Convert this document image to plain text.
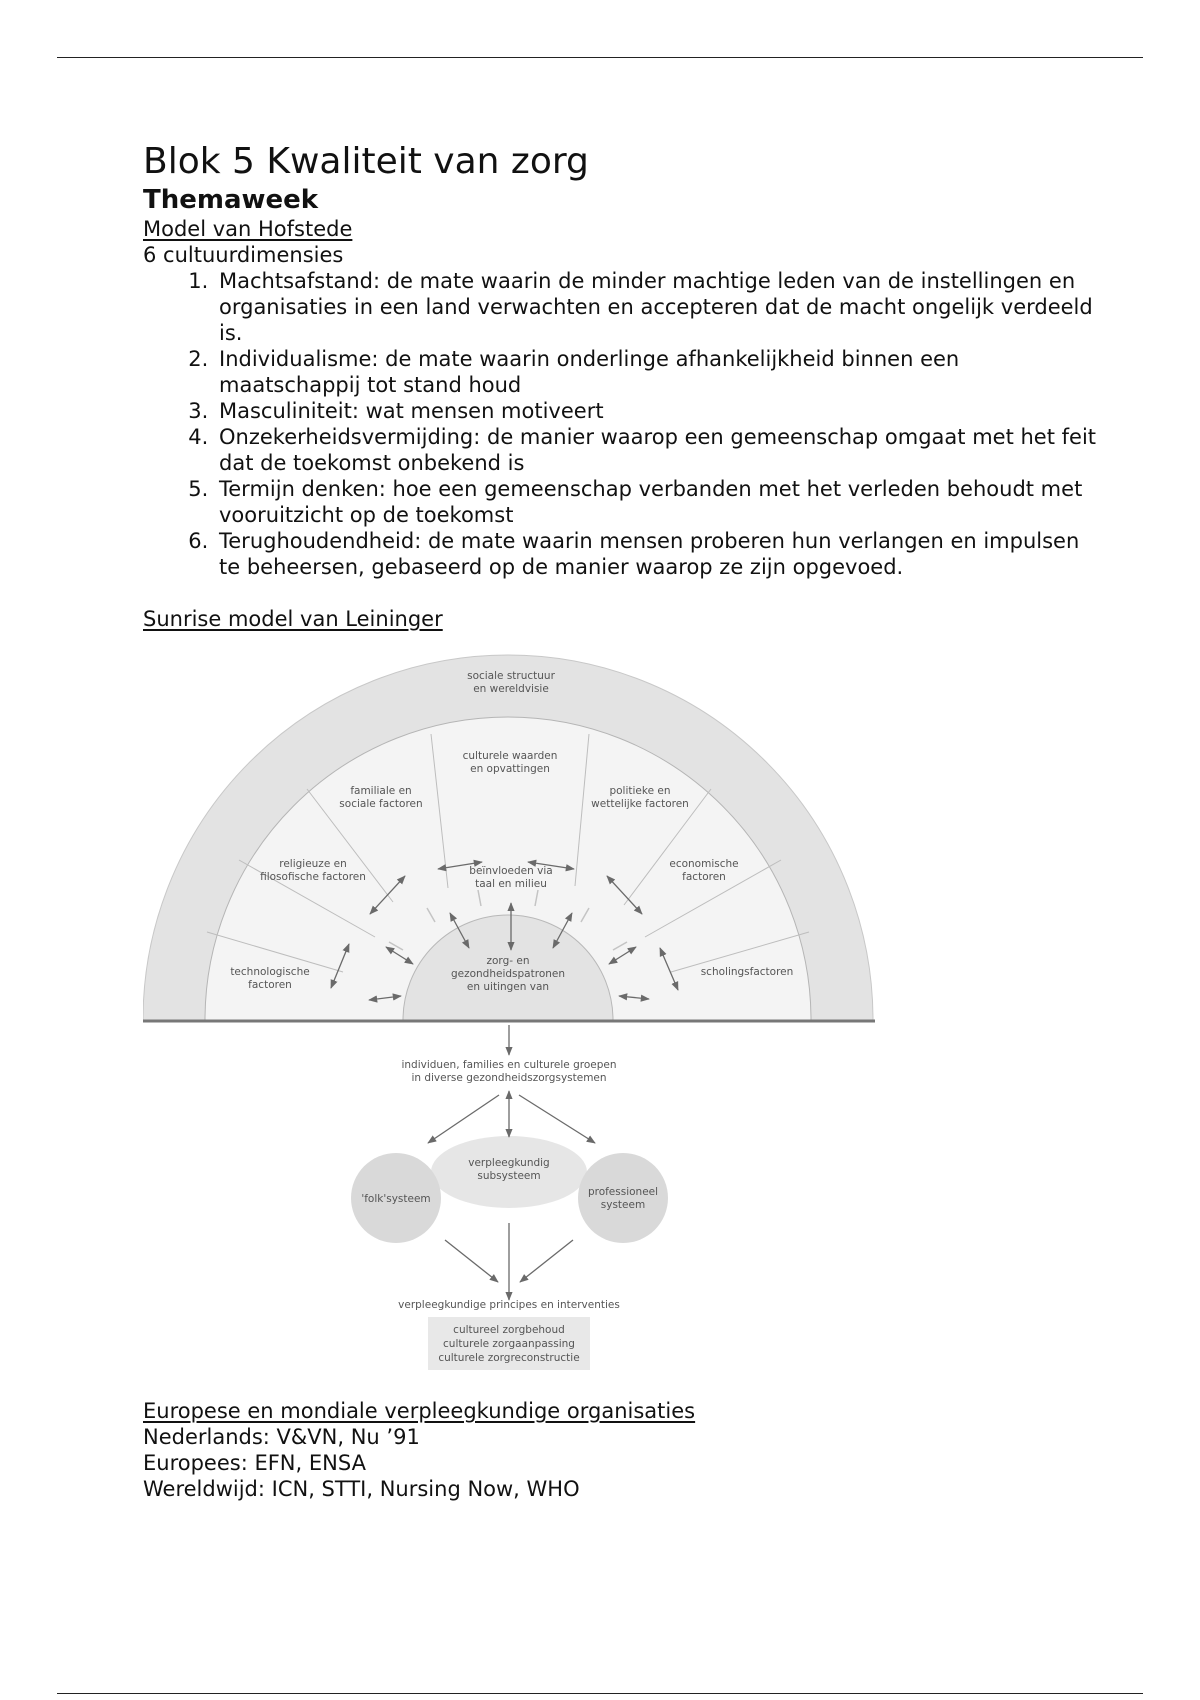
Blok 5 Kwaliteit van zorg
Themaweek
Model van Hofstede
6 cultuurdimensies
1. Machtsafstand: de mate waarin de minder machtige leden van de instellingen en organisaties in een land verwachten en accepteren dat de macht ongelijk verdeeld is.
2. Individualisme: de mate waarin onderlinge afhankelijkheid binnen een maatschappij tot stand houd
3. Masculiniteit: wat mensen motiveert
4. Onzekerheidsvermijding: de manier waarop een gemeenschap omgaat met het feit dat de toekomst onbekend is
5. Termijn denken: hoe een gemeenschap verbanden met het verleden behoudt met vooruitzicht op de toekomst
6. Terughoudendheid: de mate waarin mensen proberen hun verlangen en impulsen te beheersen, gebaseerd op de manier waarop ze zijn opgevoed.
Sunrise model van Leininger
sociale structuur
en wereldvisie
culturele waarden
en opvattingen
familiale en
sociale factoren
politieke en
wettelijke factoren
religieuze en
filosofische factoren
economische
factoren
beïnvloeden via
taal en milieu
technologische
factoren
scholingsfactoren
zorg- en
gezondheidspatronen
en uitingen van
individuen, families en culturele groepen
in diverse gezondheidszorgsystemen
verpleegkundig
subsysteem
'folk'systeem
professioneel
systeem
verpleegkundige principes en interventies
cultureel zorgbehoud
culturele zorgaanpassing
culturele zorgreconstructie
Europese en mondiale verpleegkundige organisaties
Nederlands: V&VN, Nu ’91
Europees: EFN, ENSA
Wereldwijd: ICN, STTI, Nursing Now, WHO
